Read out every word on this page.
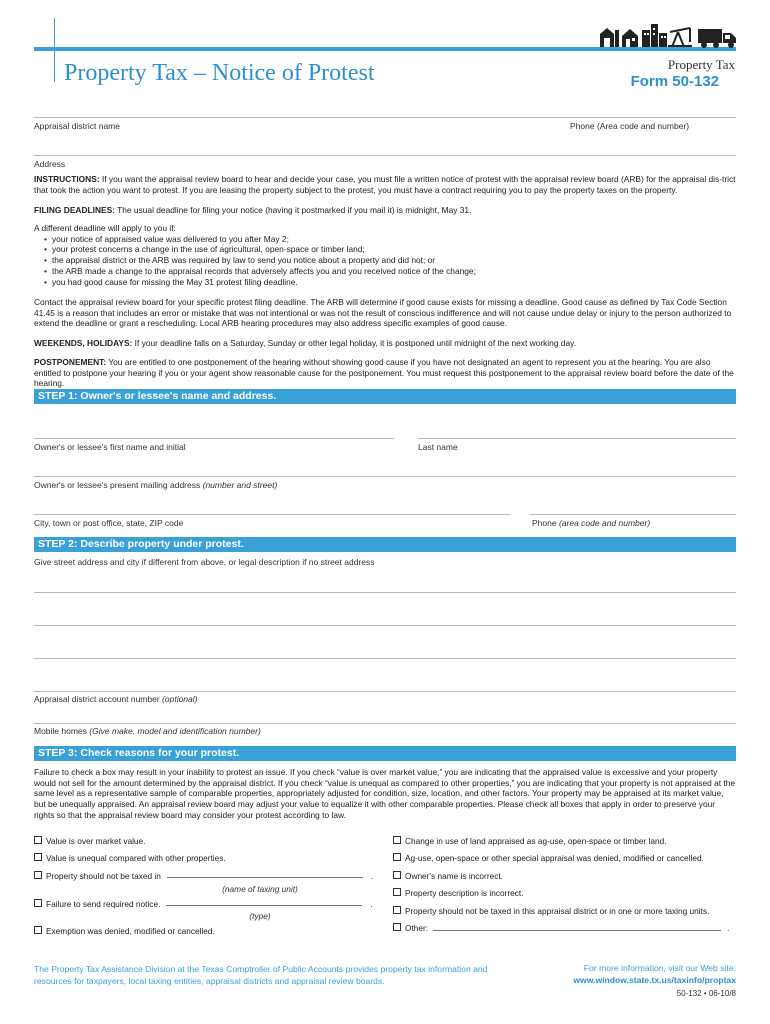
Property Tax – Notice of Protest	Property Tax
Form 50-132
Appraisal district name	Phone (Area code and number)
Address
INSTRUCTIONS: If you want the appraisal review board to hear and decide your case, you must file a written notice of protest with the appraisal review board (ARB) for the appraisal dis-trict that took the action you want to protest. If you are leasing the property subject to the protest, you must have a contract requiring you to pay the property taxes on the property.
FILING DEADLINES: The usual deadline for filing your notice (having it postmarked if you mail it) is midnight, May 31.
A different deadline will apply to you if:
• your notice of appraised value was delivered to you after May 2;
• your protest concerns a change in the use of agricultural, open-space or timber land;
• the appraisal district or the ARB was required by law to send you notice about a property and did not; or
• the ARB made a change to the appraisal records that adversely affects you and you received notice of the change;
• you had good cause for missing the May 31 protest filing deadline.
Contact the appraisal review board for your specific protest filing deadline. The ARB will determine if good cause exists for missing a deadline. Good cause as defined by Tax Code Section 41.45 is a reason that includes an error or mistake that was not intentional or was not the result of conscious indifference and will not cause undue delay or injury to the person authorized to extend the deadline or grant a rescheduling. Local ARB hearing procedures may also address specific examples of good cause.
WEEKENDS, HOLIDAYS: If your deadline falls on a Saturday, Sunday or other legal holiday, it is postponed until midnight of the next working day.
POSTPONEMENT: You are entitled to one postponement of the hearing without showing good cause if you have not designated an agent to represent you at the hearing. You are also entitled to postpone your hearing if you or your agent show reasonable cause for the postponement. You must request this postponement to the appraisal review board before the date of the hearing.
STEP 1: Owner's or lessee's name and address.
Owner's or lessee's first name and initial	Last name
Owner's or lessee's present mailing address (number and street)
City, town or post office, state, ZIP code	Phone (area code and number)
STEP 2: Describe property under protest.
Give street address and city if different from above, or legal description if no street address
Appraisal district account number (optional)
Mobile homes (Give make, model and identification number)
STEP 3: Check reasons for your protest.
Failure to check a box may result in your inability to protest an issue. If you check “value is over market value,” you are indicating that the appraised value is excessive and your property would not sell for the amount determined by the appraisal district. If you check “value is unequal as compared to other properties,” you are indicating that your property is not appraised at the same level as a representative sample of comparable properties, appropriately adjusted for condition, size, location, and other factors. Your property may be appraised at its market value, but be unequally appraised. An appraisal review board may adjust your value to equalize it with other comparable properties. Please check all boxes that apply in order to preserve your rights so that the appraisal review board may consider your protest according to law.
Value is over market value.
Value is unequal compared with other properties.
Property should not be taxed in	.
(name of taxing unit)
Failure to send required notice.	.
(type)
Exemption was denied, modified or cancelled.
Change in use of land appraised as ag-use, open-space or timber land.
Ag-use, open-space or other special appraisal was denied, modified or cancelled.
Owner's name is incorrect.
Property description is incorrect.
Property should not be taxed in this appraisal district or in one or more taxing units.
Other:	.
The Property Tax Assistance Division at the Texas Comptroller of Public Accounts provides property tax information and resources for taxpayers, local taxing entities, appraisal districts and appraisal review boards.
For more information, visit our Web site:
www.window.state.tx.us/taxinfo/proptax
50-132 • 06-10/8
